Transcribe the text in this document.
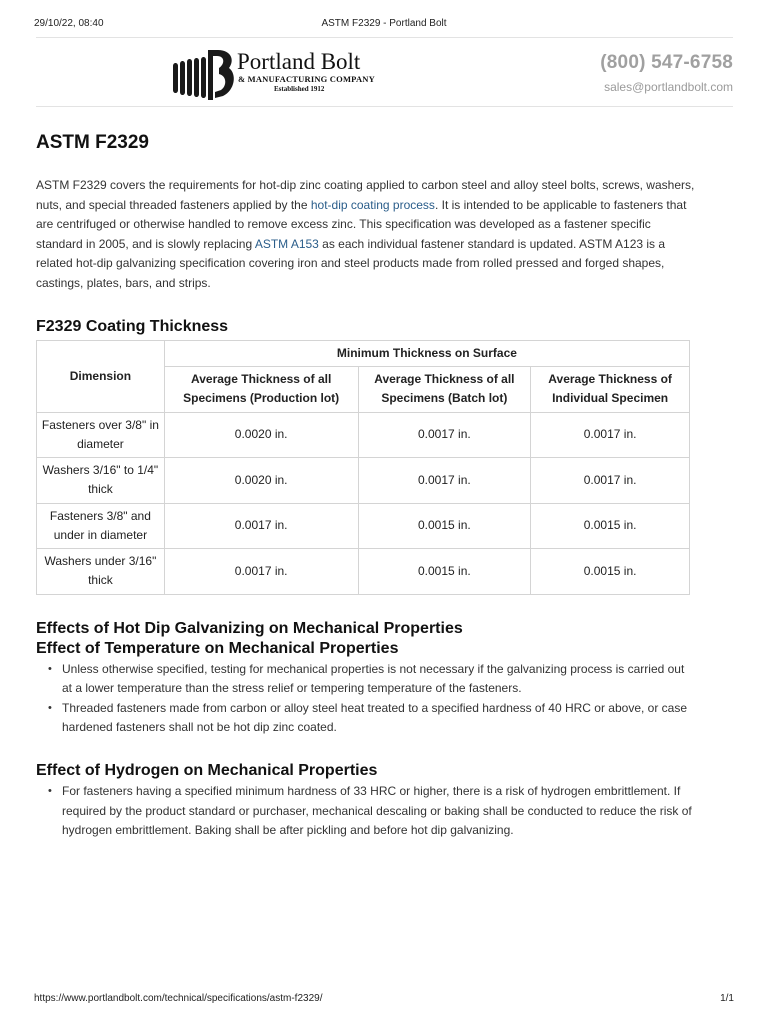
29/10/22, 08:40	ASTM F2329 - Portland Bolt
Portland Bolt
& MANUFACTURING COMPANY
Established 1912
(800) 547-6758
sales@portlandbolt.com
ASTM F2329

ASTM F2329 covers the requirements for hot-dip zinc coating applied to carbon steel and alloy steel bolts, screws, washers, nuts, and special threaded fasteners applied by the hot-dip coating process. It is intended to be applicable to fasteners that are centrifuged or otherwise handled to remove excess zinc. This specification was developed as a fastener specific standard in 2005, and is slowly replacing ASTM A153 as each individual fastener standard is updated. ASTM A123 is a related hot-dip galvanizing specification covering iron and steel products made from rolled pressed and forged shapes, castings, plates, bars, and strips.

F2329 Coating Thickness
Dimension	Minimum Thickness on Surface		
	Average Thickness of all Specimens (Production lot)	Average Thickness of all Specimens (Batch lot)	Average Thickness of Individual Specimen
Fasteners over 3/8" in diameter	0.0020 in.	0.0017 in.	0.0017 in.
Washers 3/16" to 1/4" thick	0.0020 in.	0.0017 in.	0.0017 in.
Fasteners 3/8" and under in diameter	0.0017 in.	0.0015 in.	0.0015 in.
Washers under 3/16" thick	0.0017 in.	0.0015 in.	0.0015 in.
Effects of Hot Dip Galvanizing on Mechanical Properties
Effect of Temperature on Mechanical Properties
• Unless otherwise specified, testing for mechanical properties is not necessary if the galvanizing process is carried out at a lower temperature than the stress relief or tempering temperature of the fasteners.
• Threaded fasteners made from carbon or alloy steel heat treated to a specified hardness of 40 HRC or above, or case hardened fasteners shall not be hot dip zinc coated.
Effect of Hydrogen on Mechanical Properties
• For fasteners having a specified minimum hardness of 33 HRC or higher, there is a risk of hydrogen embrittlement. If required by the product standard or purchaser, mechanical descaling or baking shall be conducted to reduce the risk of hydrogen embrittlement. Baking shall be after pickling and before hot dip galvanizing.
https://www.portlandbolt.com/technical/specifications/astm-f2329/	1/1
